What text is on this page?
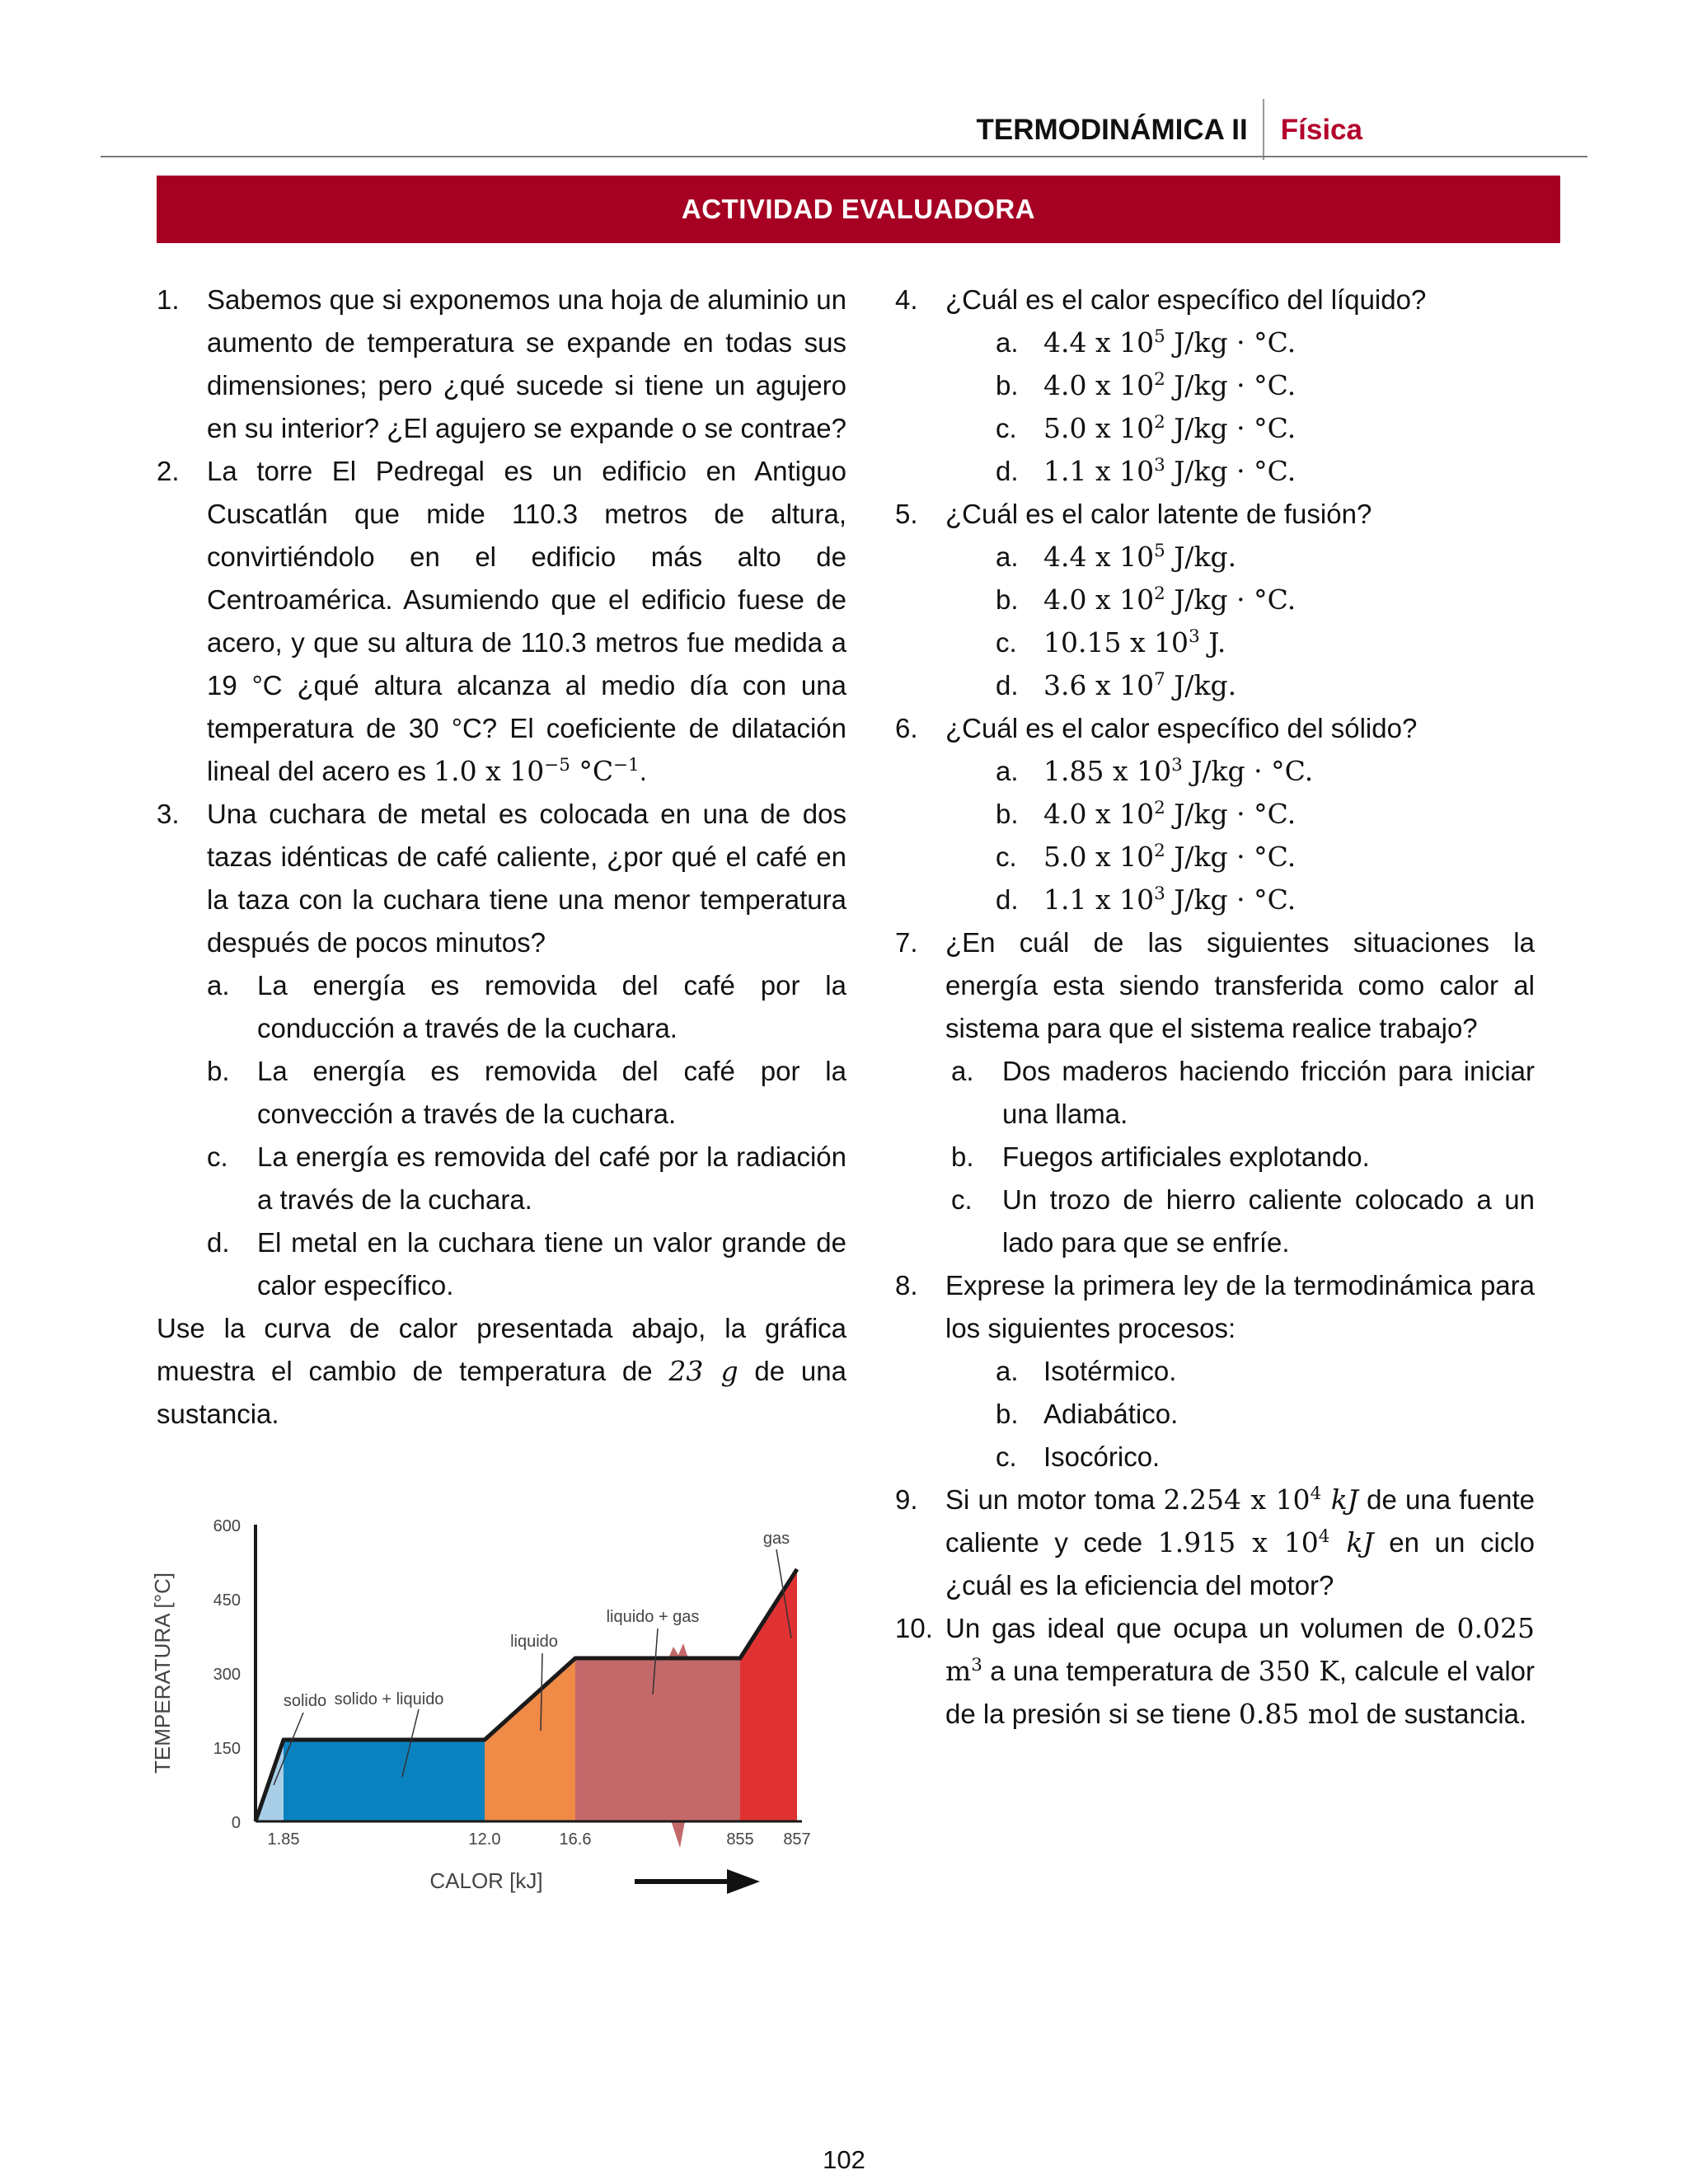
TERMODINÁMICA II	Física
ACTIVIDAD EVALUADORA
1. Sabemos que si exponemos una hoja de aluminio un aumento de temperatura se expande en todas sus dimensiones; pero ¿qué sucede si tiene un agujero en su interior? ¿El agujero se expande o se contrae?
2. La torre El Pedregal es un edificio en Antiguo Cuscatlán que mide 110.3 metros de altura, convirtiéndolo en el edificio más alto de Centroamérica. Asumiendo que el edificio fuese de acero, y que su altura de 110.3 metros fue medida a 19 °C ¿qué altura alcanza al medio día con una temperatura de 30 °C? El coeficiente de dilatación lineal del acero es 1.0 x $10^{-5}$ $^\circ C^{-1}$.
3. Una cuchara de metal es colocada en una de dos tazas idénticas de café caliente, ¿por qué el café en la taza con la cuchara tiene una menor temperatura después de pocos minutos?
a. La energía es removida del café por la conducción a través de la cuchara.
b. La energía es removida del café por la convección a través de la cuchara.
c. La energía es removida del café por la radiación a través de la cuchara.
d. El metal en la cuchara tiene un valor grande de calor específico.
Use la curva de calor presentada abajo, la gráfica muestra el cambio de temperatura de 23 g de una sustancia.
4. ¿Cuál es el calor específico del líquido?
a. 4.4 x $10^5$ J/kg · °C.
b. 4.0 x $10^2$ J/kg · °C.
c. 5.0 x $10^2$ J/kg · °C.
d. 1.1 x $10^3$ J/kg · °C.
5. ¿Cuál es el calor latente de fusión?
a. 4.4 x $10^5$ J/kg.
b. 4.0 x $10^2$ J/kg · °C.
c. 10.15 x $10^3$ J.
d. 3.6 x $10^7$ J/kg.
6. ¿Cuál es el calor específico del sólido?
a. 1.85 x $10^3$ J/kg · °C.
b. 4.0 x $10^2$ J/kg · °C.
c. 5.0 x $10^2$ J/kg · °C.
d. 1.1 x $10^3$ J/kg · °C.
7. ¿En cuál de las siguientes situaciones la energía esta siendo transferida como calor al sistema para que el sistema realice trabajo?
a. Dos maderos haciendo fricción para iniciar una llama.
b. Fuegos artificiales explotando.
c. Un trozo de hierro caliente colocado a un lado para que se enfríe.
8. Exprese la primera ley de la termodinámica para los siguientes procesos:
a. Isotérmico.
b. Adiabático.
c. Isocórico.
9. Si un motor toma 2.254 x $10^4$ kJ de una fuente caliente y cede 1.915 x $10^4$ kJ en un ciclo ¿cuál es la eficiencia del motor?
10. Un gas ideal que ocupa un volumen de 0.025 $m^3$ a una temperatura de 350 K, calcule el valor de la presión si se tiene 0.85 mol de sustancia.
0
150
300
450
600
1.85	12.0	16.6	855 857
TEMPERATURA [°C]
CALOR [kJ]
solido solido + liquido
liquido
liquido + gas
gas
102
